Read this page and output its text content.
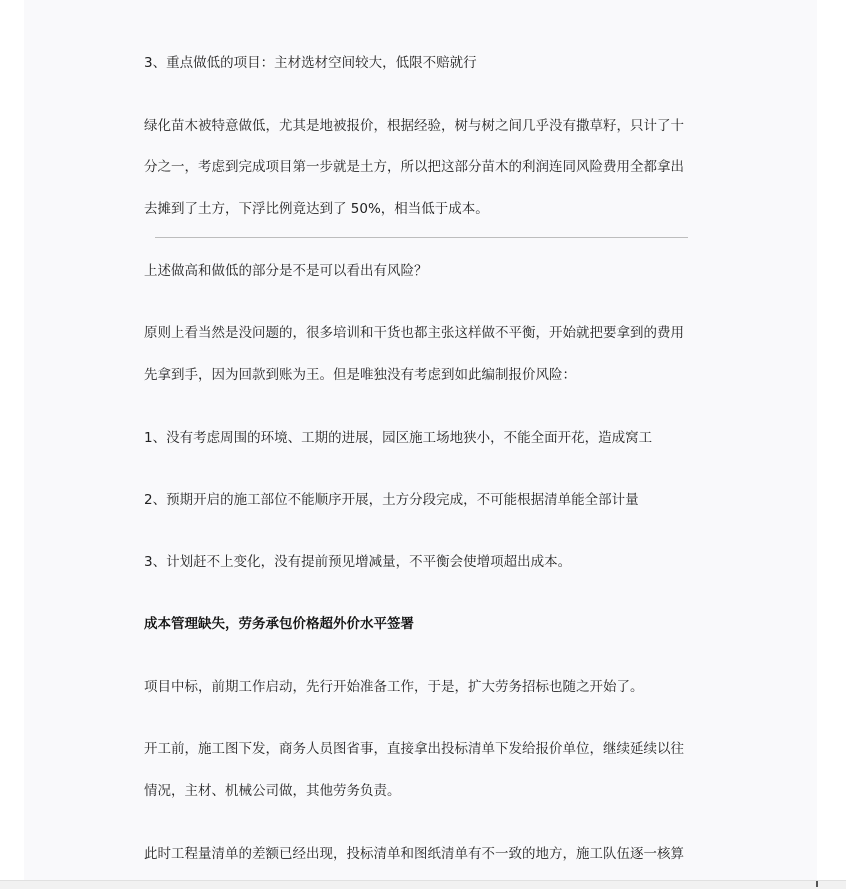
3、重点做低的项目：主材选材空间较大，低限不赔就行
绿化苗木被特意做低，尤其是地被报价，根据经验，树与树之间几乎没有撒草籽，只计了十
分之一，考虑到完成项目第一步就是土方，所以把这部分苗木的利润连同风险费用全都拿出
去摊到了土方，下浮比例竟达到了 50%，相当低于成本。
上述做高和做低的部分是不是可以看出有风险？
原则上看当然是没问题的，很多培训和干货也都主张这样做不平衡，开始就把要拿到的费用
先拿到手，因为回款到账为王。但是唯独没有考虑到如此编制报价风险：
1、没有考虑周围的环境、工期的进展，园区施工场地狭小，不能全面开花，造成窝工
2、预期开启的施工部位不能顺序开展，土方分段完成，不可能根据清单能全部计量
3、计划赶不上变化，没有提前预见增减量，不平衡会使增项超出成本。
成本管理缺失，劳务承包价格超外价水平签署
项目中标，前期工作启动，先行开始准备工作，于是，扩大劳务招标也随之开始了。
开工前，施工图下发，商务人员图省事，直接拿出投标清单下发给报价单位，继续延续以往
情况，主材、机械公司做，其他劳务负责。
此时工程量清单的差额已经出现，投标清单和图纸清单有不一致的地方，施工队伍逐一核算
